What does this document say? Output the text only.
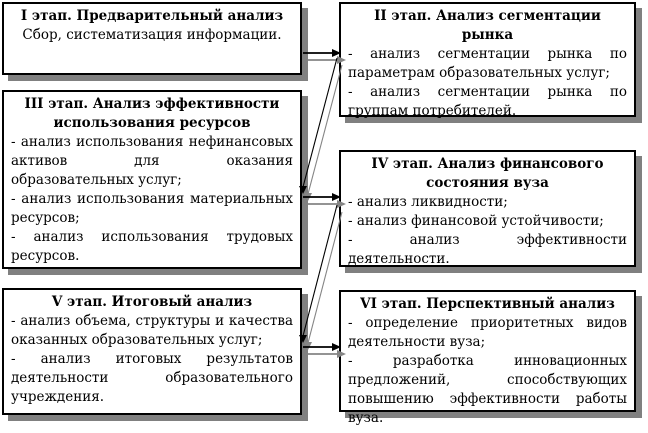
I этап. Предварительный анализ

Сбор, систематизация информации.

II этап. Анализ сегментации рынка

- анализ сегментации рынка по параметрам образовательных услуг;

- анализ сегментации рынка по группам потребителей.

III этап. Анализ эффективности использования ресурсов

- анализ использования нефинансовых активов для оказания образовательных услуг;

- анализ использования материальных ресурсов;

- анализ использования трудовых ресурсов.

IV этап. Анализ финансового состояния вуза

- анализ ликвидности;

- анализ финансовой устойчивости;

- анализ эффективности деятельности.

V этап. Итоговый анализ

- анализ объема, структуры и качества оказанных образовательных услуг;

- анализ итоговых результатов деятельности образовательного учреждения.

VI этап. Перспективный анализ

- определение приоритетных видов деятельности вуза;

- разработка инновационных предложений, способствующих повышению эффективности работы вуза.
